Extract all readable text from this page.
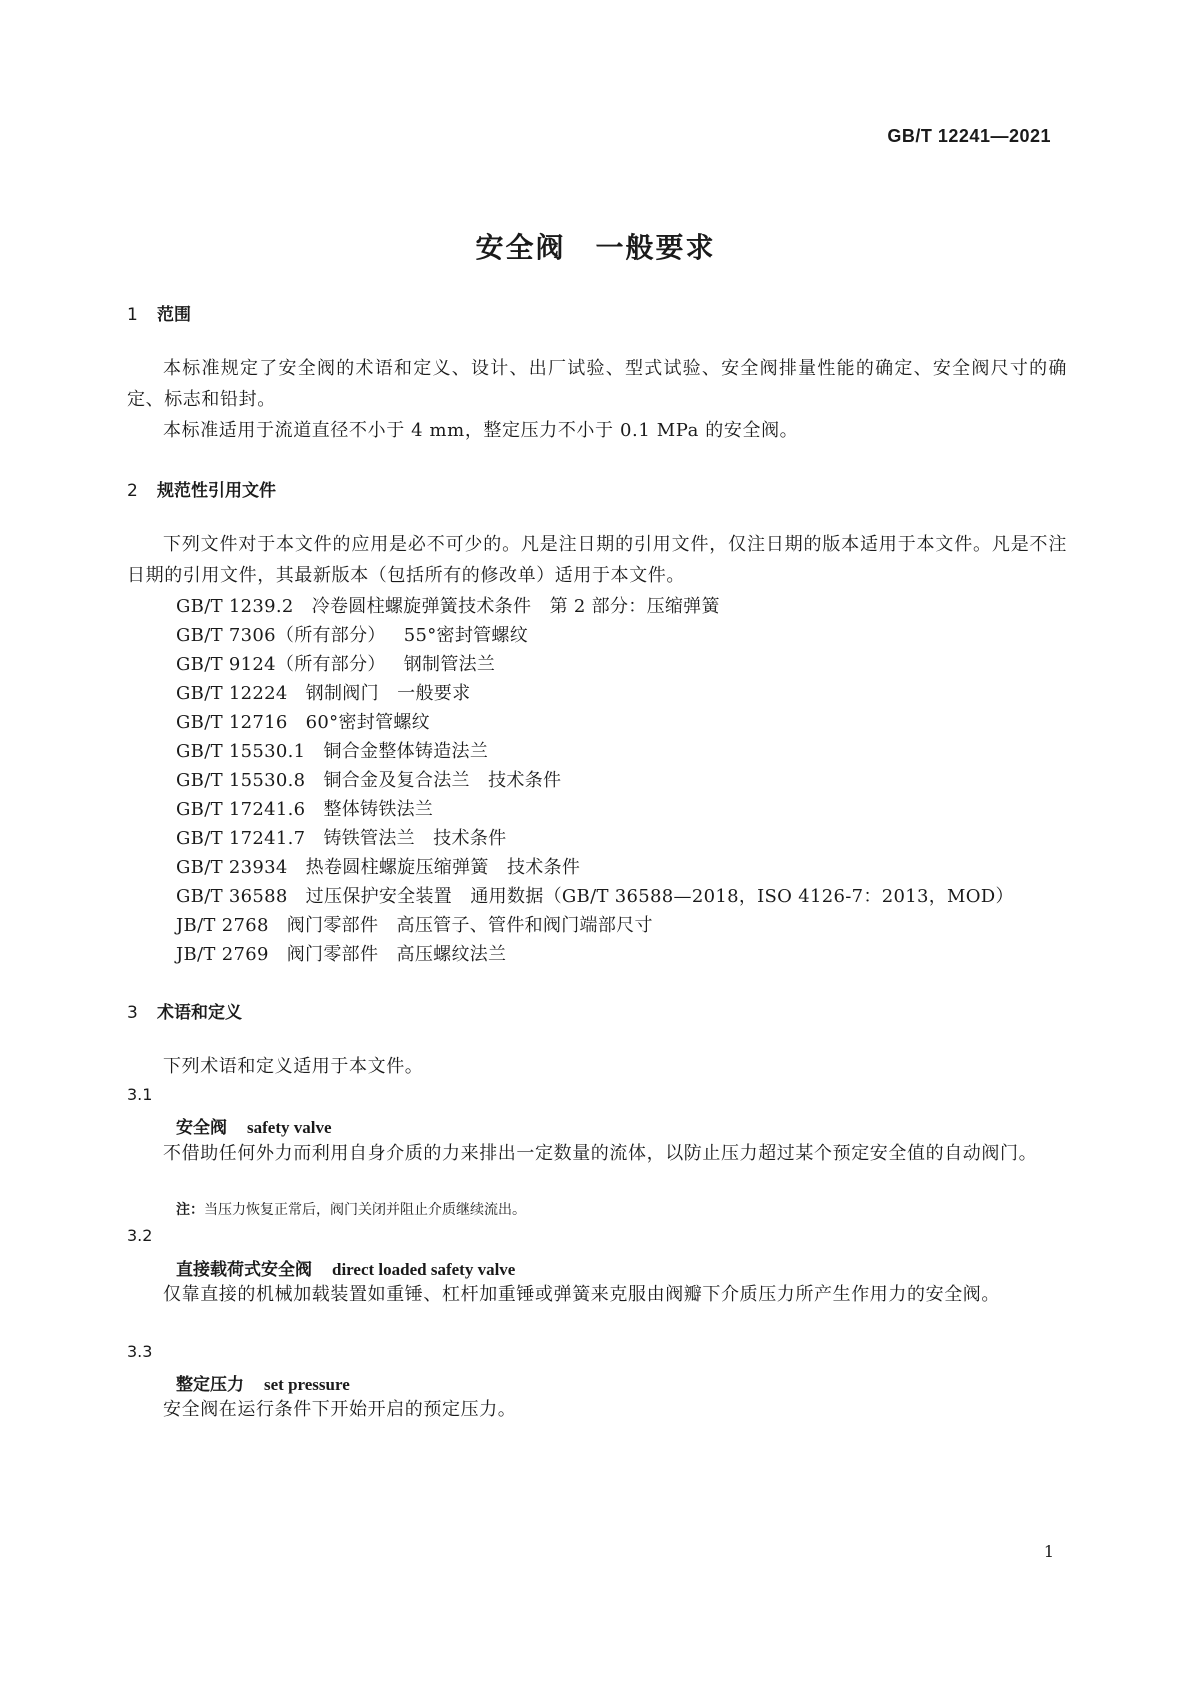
GB/T 12241—2021
安全阀　一般要求
1 范围
本标准规定了安全阀的术语和定义、设计、出厂试验、型式试验、安全阀排量性能的确定、安全阀尺寸的确定、标志和铅封。
本标准适用于流道直径不小于 4 mm，整定压力不小于 0.1 MPa 的安全阀。
2 规范性引用文件
下列文件对于本文件的应用是必不可少的。凡是注日期的引用文件，仅注日期的版本适用于本文件。凡是不注日期的引用文件，其最新版本（包括所有的修改单）适用于本文件。
GB/T 1239.2 冷卷圆柱螺旋弹簧技术条件　第 2 部分：压缩弹簧
GB/T 7306（所有部分） 55°密封管螺纹
GB/T 9124（所有部分） 钢制管法兰
GB/T 12224 钢制阀门　一般要求
GB/T 12716 60°密封管螺纹
GB/T 15530.1 铜合金整体铸造法兰
GB/T 15530.8 铜合金及复合法兰　技术条件
GB/T 17241.6 整体铸铁法兰
GB/T 17241.7 铸铁管法兰　技术条件
GB/T 23934 热卷圆柱螺旋压缩弹簧　技术条件
GB/T 36588 过压保护安全装置　通用数据（GB/T 36588—2018，ISO 4126-7：2013，MOD）
JB/T 2768 阀门零部件　高压管子、管件和阀门端部尺寸
JB/T 2769 阀门零部件　高压螺纹法兰
3 术语和定义
下列术语和定义适用于本文件。
3.1
安全阀 safety valve
不借助任何外力而利用自身介质的力来排出一定数量的流体，以防止压力超过某个预定安全值的自动阀门。
注：当压力恢复正常后，阀门关闭并阻止介质继续流出。
3.2
直接载荷式安全阀 direct loaded safety valve
仅靠直接的机械加载装置如重锤、杠杆加重锤或弹簧来克服由阀瓣下介质压力所产生作用力的安全阀。
3.3
整定压力 set pressure
安全阀在运行条件下开始开启的预定压力。
1
